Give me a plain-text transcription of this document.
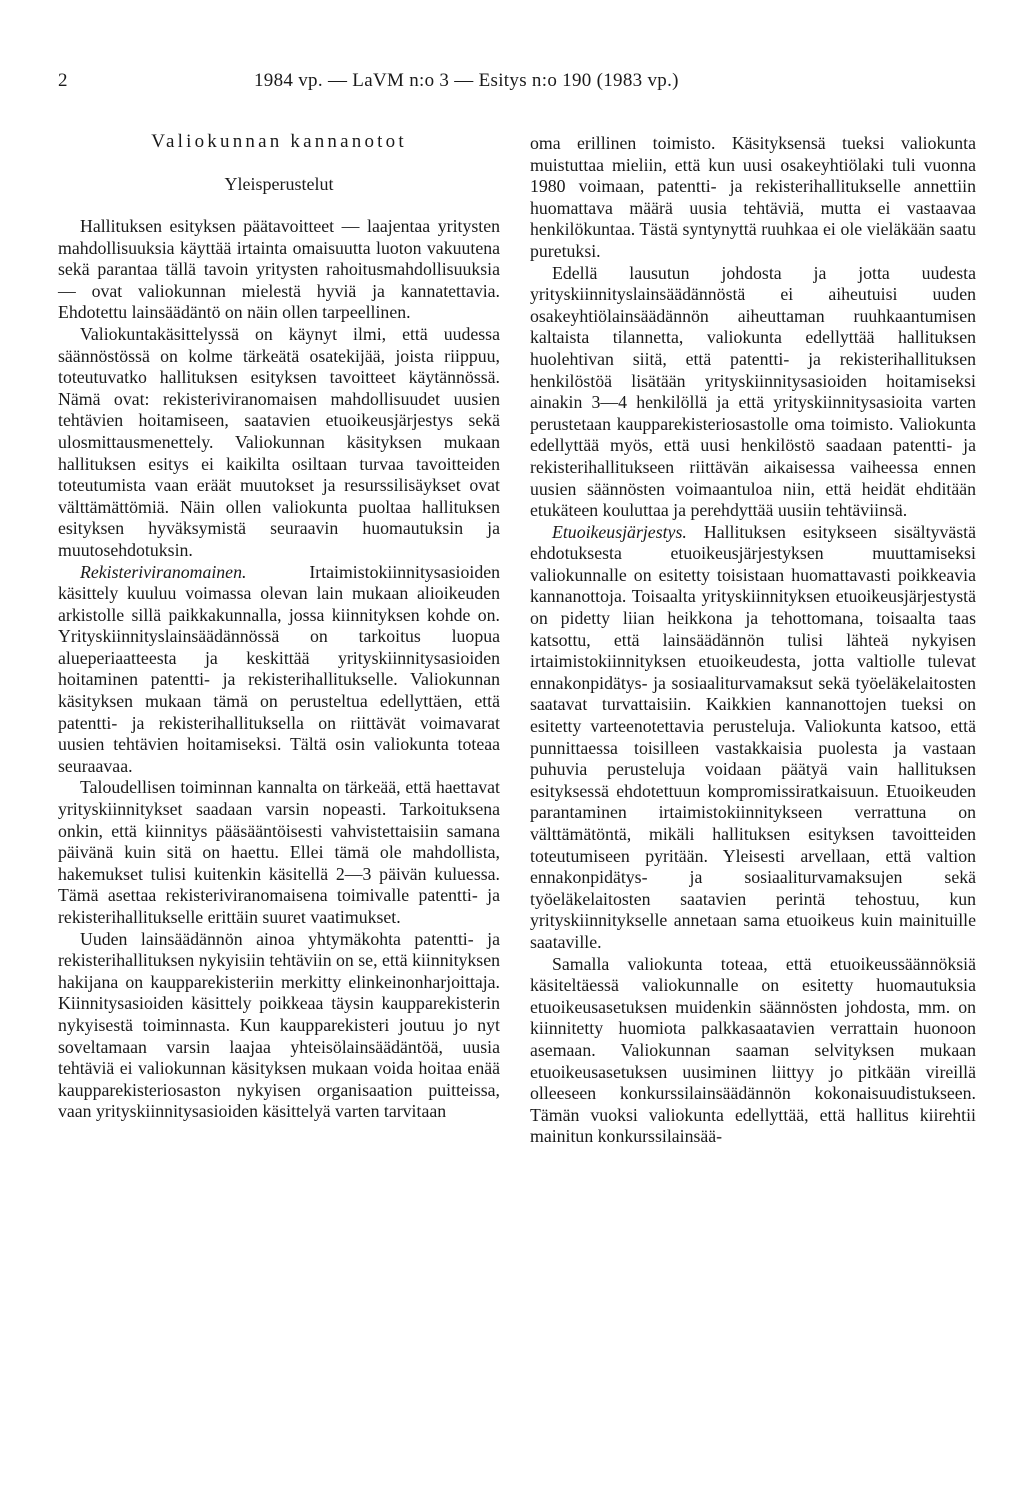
2	1984 vp. — LaVM n:o 3 — Esitys n:o 190 (1983 vp.)
Valiokunnan kannanotot
Yleisperustelut

Hallituksen esityksen päätavoitteet — laajentaa yritysten mahdollisuuksia käyttää irtainta omaisuutta luoton vakuutena sekä parantaa tällä tavoin yritysten rahoitusmahdollisuuksia — ovat valiokunnan mielestä hyviä ja kannatettavia. Ehdotettu lainsäädäntö on näin ollen tarpeellinen.

Valiokuntakäsittelyssä on käynyt ilmi, että uudessa säännöstössä on kolme tärkeätä osatekijää, joista riippuu, toteutuvatko hallituksen esityksen tavoitteet käytännössä. Nämä ovat: rekisteriviranomaisen mahdollisuudet uusien tehtävien hoitamiseen, saatavien etuoikeusjärjestys sekä ulosmittausmenettely. Valiokunnan käsityksen mukaan hallituksen esitys ei kaikilta osiltaan turvaa tavoitteiden toteutumista vaan eräät muutokset ja resurssilisäykset ovat välttämättömiä. Näin ollen valiokunta puoltaa hallituksen esityksen hyväksymistä seuraavin huomautuksin ja muutosehdotuksin.

Rekisteriviranomainen. Irtaimistokiinnitysasioiden käsittely kuuluu voimassa olevan lain mukaan alioikeuden arkistolle sillä paikkakunnalla, jossa kiinnityksen kohde on. Yrityskiinnityslainsäädännössä on tarkoitus luopua alueperiaatteesta ja keskittää yrityskiinnitysasioiden hoitaminen patentti- ja rekisterihallitukselle. Valiokunnan käsityksen mukaan tämä on perusteltua edellyttäen, että patentti- ja rekisterihallituksella on riittävät voimavarat uusien tehtävien hoitamiseksi. Tältä osin valiokunta toteaa seuraavaa.

Taloudellisen toiminnan kannalta on tärkeää, että haettavat yrityskiinnitykset saadaan varsin nopeasti. Tarkoituksena onkin, että kiinnitys pääsääntöisesti vahvistettaisiin samana päivänä kuin sitä on haettu. Ellei tämä ole mahdollista, hakemukset tulisi kuitenkin käsitellä 2—3 päivän kuluessa. Tämä asettaa rekisteriviranomaisena toimivalle patentti- ja rekisterihallitukselle erittäin suuret vaatimukset.

Uuden lainsäädännön ainoa yhtymäkohta patentti- ja rekisterihallituksen nykyisiin tehtäviin on se, että kiinnityksen hakijana on kaupparekisteriin merkitty elinkeinonharjoittaja. Kiinnitysasioiden käsittely poikkeaa täysin kaupparekisterin nykyisestä toiminnasta. Kun kaupparekisteri joutuu jo nyt soveltamaan varsin laajaa yhteisölainsäädäntöä, uusia tehtäviä ei valiokunnan käsityksen mukaan voida hoitaa enää kaupparekisteriosaston nykyisen organisaation puitteissa, vaan yrityskiinnitysasioiden käsittelyä varten tarvitaan

oma erillinen toimisto. Käsityksensä tueksi valiokunta muistuttaa mieliin, että kun uusi osakeyhtiölaki tuli vuonna 1980 voimaan, patentti- ja rekisterihallitukselle annettiin huomattava määrä uusia tehtäviä, mutta ei vastaavaa henkilökuntaa. Tästä syntynyttä ruuhkaa ei ole vieläkään saatu puretuksi.

Edellä lausutun johdosta ja jotta uudesta yrityskiinnityslainsäädännöstä ei aiheutuisi uuden osakeyhtiölainsäädännön aiheuttaman ruuhkaantumisen kaltaista tilannetta, valiokunta edellyttää hallituksen huolehtivan siitä, että patentti- ja rekisterihallituksen henkilöstöä lisätään yrityskiinnitysasioiden hoitamiseksi ainakin 3—4 henkilöllä ja että yrityskiinnitysasioita varten perustetaan kaupparekisteriosastolle oma toimisto. Valiokunta edellyttää myös, että uusi henkilöstö saadaan patentti- ja rekisterihallitukseen riittävän aikaisessa vaiheessa ennen uusien säännösten voimaantuloa niin, että heidät ehditään etukäteen kouluttaa ja perehdyttää uusiin tehtäviinsä.

Etuoikeusjärjestys. Hallituksen esitykseen sisältyvästä ehdotuksesta etuoikeusjärjestyksen muuttamiseksi valiokunnalle on esitetty toisistaan huomattavasti poikkeavia kannanottoja. Toisaalta yrityskiinnityksen etuoikeusjärjestystä on pidetty liian heikkona ja tehottomana, toisaalta taas katsottu, että lainsäädännön tulisi lähteä nykyisen irtaimistokiinnityksen etuoikeudesta, jotta valtiolle tulevat ennakonpidätys- ja sosiaaliturvamaksut sekä työeläkelaitosten saatavat turvattaisiin. Kaikkien kannanottojen tueksi on esitetty varteenotettavia perusteluja. Valiokunta katsoo, että punnittaessa toisilleen vastakkaisia puolesta ja vastaan puhuvia perusteluja voidaan päätyä vain hallituksen esityksessä ehdotettuun kompromissiratkaisuun. Etuoikeuden parantaminen irtaimistokiinnitykseen verrattuna on välttämätöntä, mikäli hallituksen esityksen tavoitteiden toteutumiseen pyritään. Yleisesti arvellaan, että valtion ennakonpidätys- ja sosiaaliturvamaksujen sekä työeläkelaitosten saatavien perintä tehostuu, kun yrityskiinnitykselle annetaan sama etuoikeus kuin mainituille saataville.

Samalla valiokunta toteaa, että etuoikeussäännöksiä käsiteltäessä valiokunnalle on esitetty huomautuksia etuoikeusasetuksen muidenkin säännösten johdosta, mm. on kiinnitetty huomiota palkkasaatavien verrattain huonoon asemaan. Valiokunnan saaman selvityksen mukaan etuoikeusasetuksen uusiminen liittyy jo pitkään vireillä olleeseen konkurssilainsäädännön kokonaisuudistukseen. Tämän vuoksi valiokunta edellyttää, että hallitus kiirehtii mainitun konkurssilainsää-
